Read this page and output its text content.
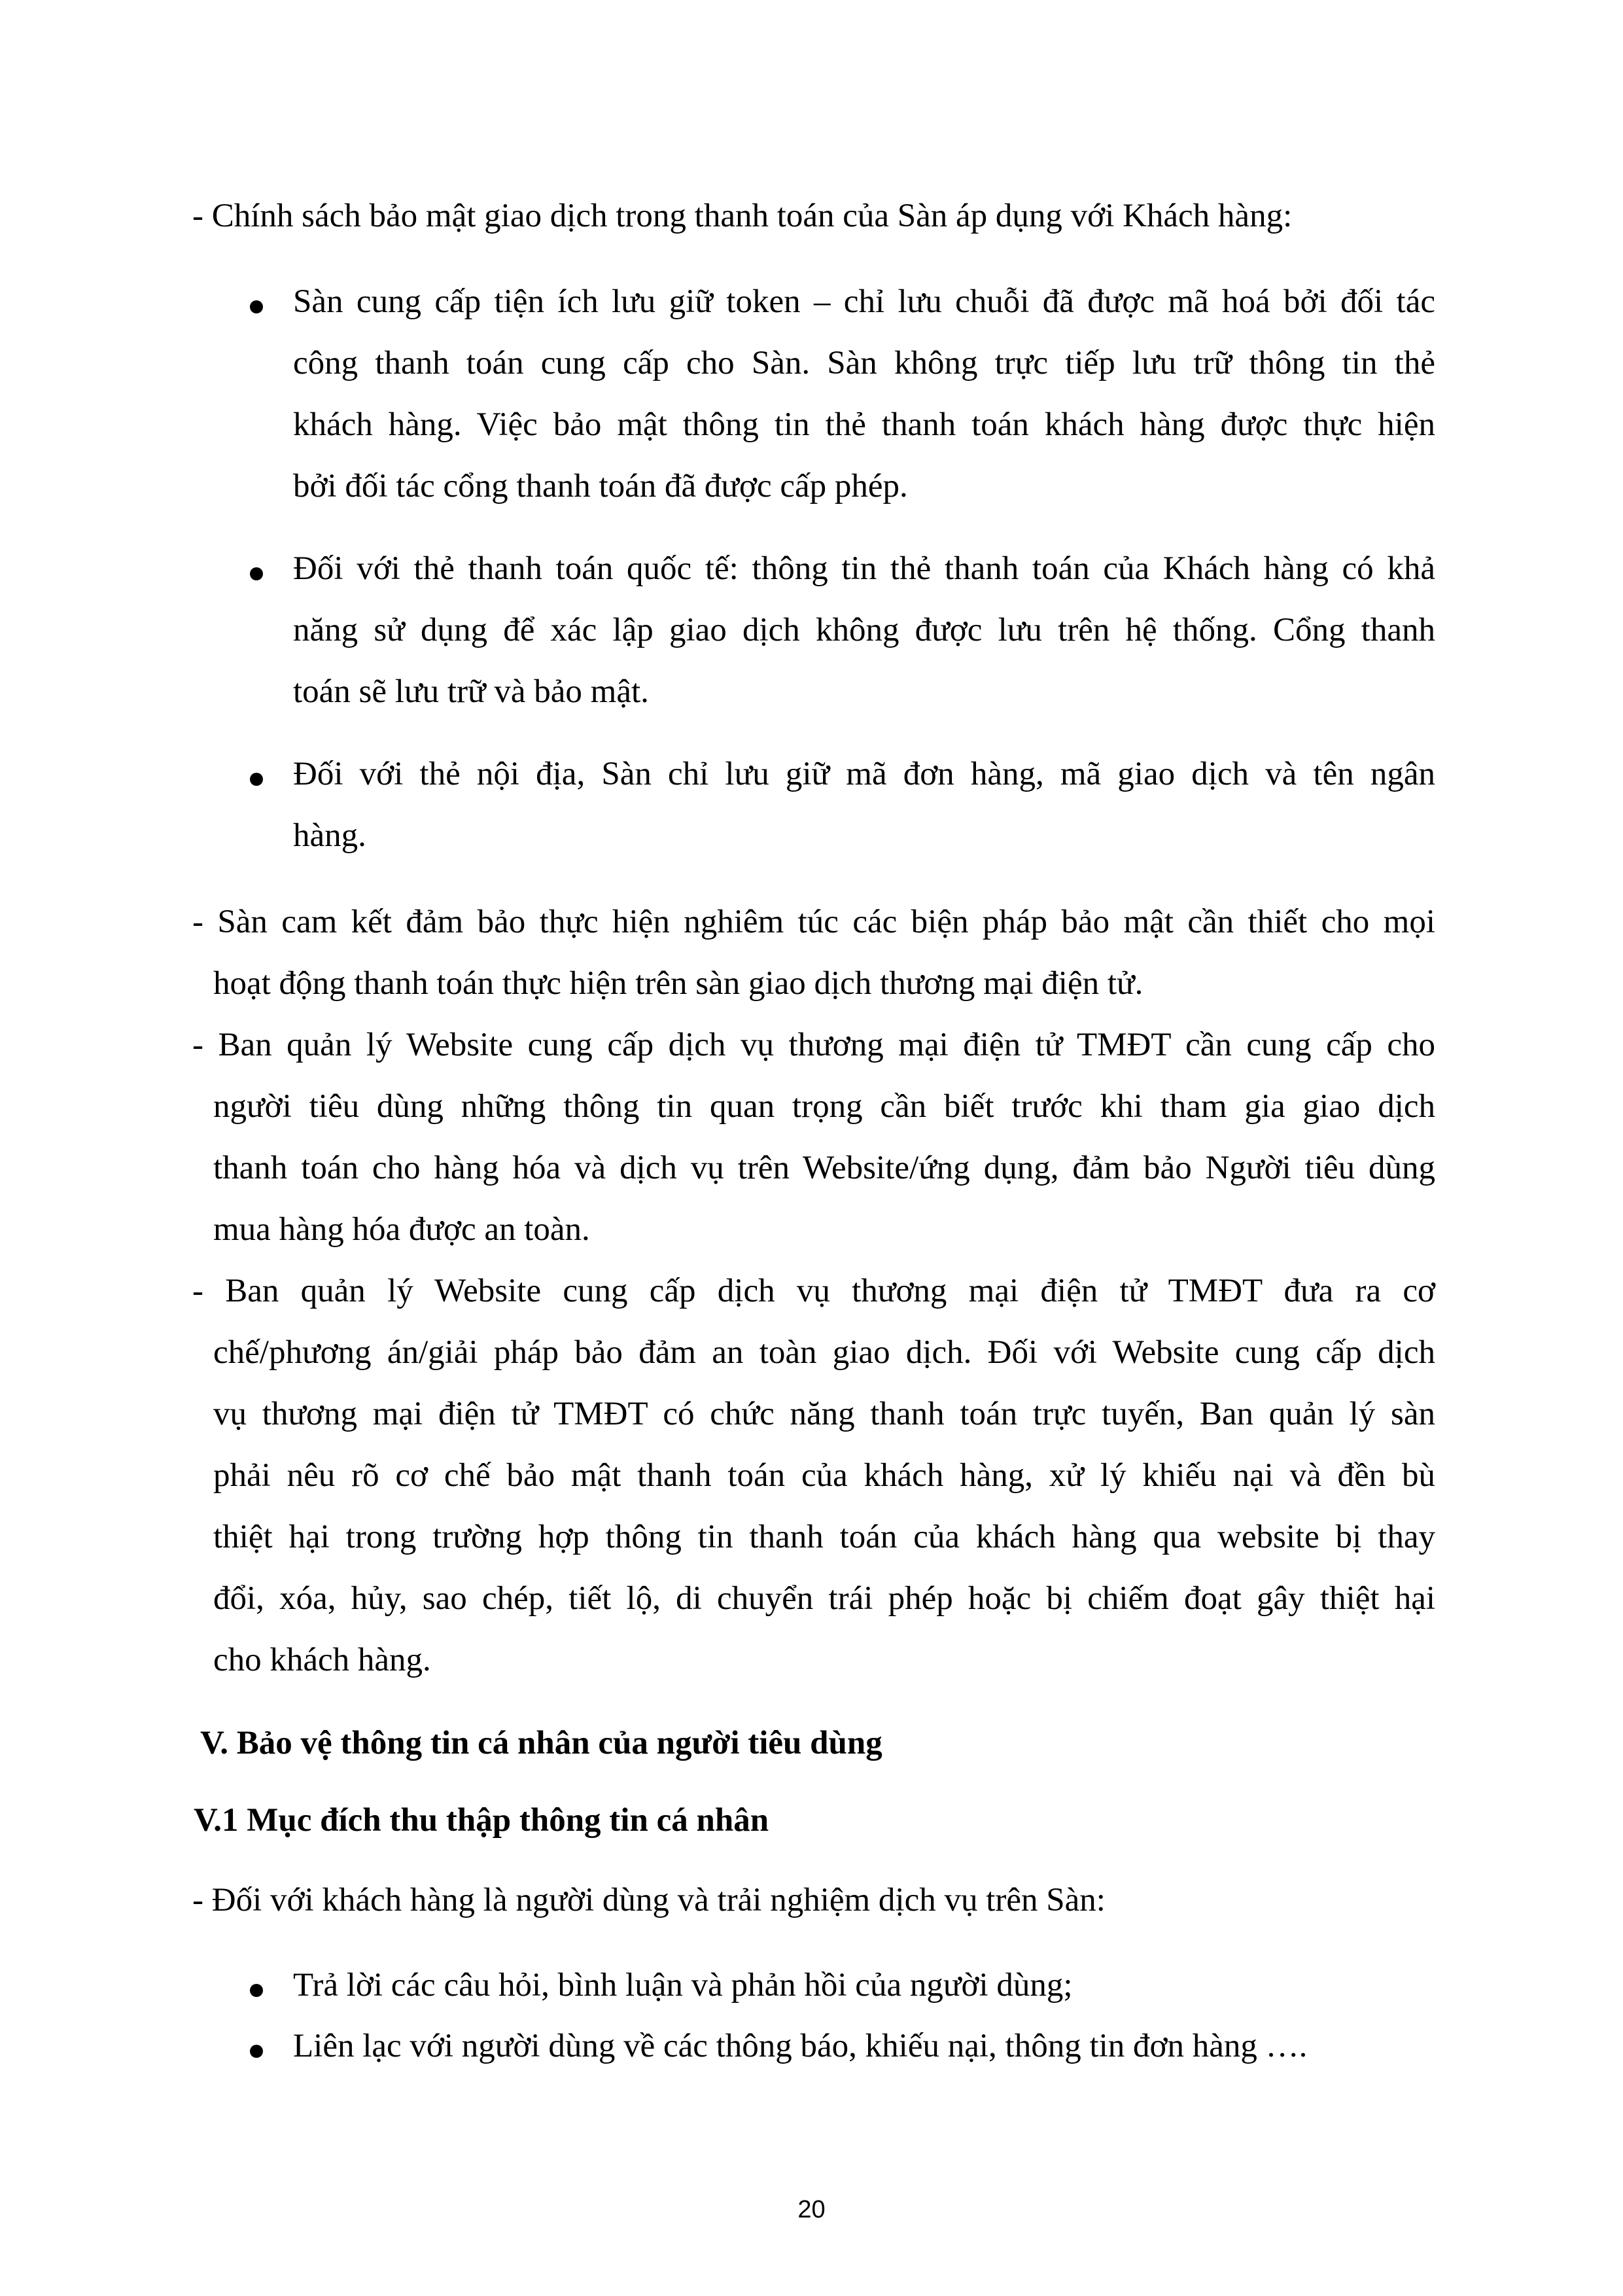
- Chính sách bảo mật giao dịch trong thanh toán của Sàn áp dụng với Khách hàng:
Sàn cung cấp tiện ích lưu giữ token – chỉ lưu chuỗi đã được mã hoá bởi đối tác
công thanh toán cung cấp cho Sàn. Sàn không trực tiếp lưu trữ thông tin thẻ
khách hàng. Việc bảo mật thông tin thẻ thanh toán khách hàng được thực hiện
bởi đối tác cổng thanh toán đã được cấp phép.
Đối với thẻ thanh toán quốc tế: thông tin thẻ thanh toán của Khách hàng có khả
năng sử dụng để xác lập giao dịch không được lưu trên hệ thống. Cổng thanh
toán sẽ lưu trữ và bảo mật.
Đối với thẻ nội địa, Sàn chỉ lưu giữ mã đơn hàng, mã giao dịch và tên ngân
hàng.
- Sàn cam kết đảm bảo thực hiện nghiêm túc các biện pháp bảo mật cần thiết cho mọi
hoạt động thanh toán thực hiện trên sàn giao dịch thương mại điện tử.
- Ban quản lý Website cung cấp dịch vụ thương mại điện tử TMĐT cần cung cấp cho
người tiêu dùng những thông tin quan trọng cần biết trước khi tham gia giao dịch
thanh toán cho hàng hóa và dịch vụ trên Website/ứng dụng, đảm bảo Người tiêu dùng
mua hàng hóa được an toàn.
- Ban quản lý Website cung cấp dịch vụ thương mại điện tử TMĐT đưa ra cơ
chế/phương án/giải pháp bảo đảm an toàn giao dịch. Đối với Website cung cấp dịch
vụ thương mại điện tử TMĐT có chức năng thanh toán trực tuyến, Ban quản lý sàn
phải nêu rõ cơ chế bảo mật thanh toán của khách hàng, xử lý khiếu nại và đền bù
thiệt hại trong trường hợp thông tin thanh toán của khách hàng qua website bị thay
đổi, xóa, hủy, sao chép, tiết lộ, di chuyển trái phép hoặc bị chiếm đoạt gây thiệt hại
cho khách hàng.
V. Bảo vệ thông tin cá nhân của người tiêu dùng
V.1 Mục đích thu thập thông tin cá nhân
- Đối với khách hàng là người dùng và trải nghiệm dịch vụ trên Sàn:
Trả lời các câu hỏi, bình luận và phản hồi của người dùng;
Liên lạc với người dùng về các thông báo, khiếu nại, thông tin đơn hàng ….
20
